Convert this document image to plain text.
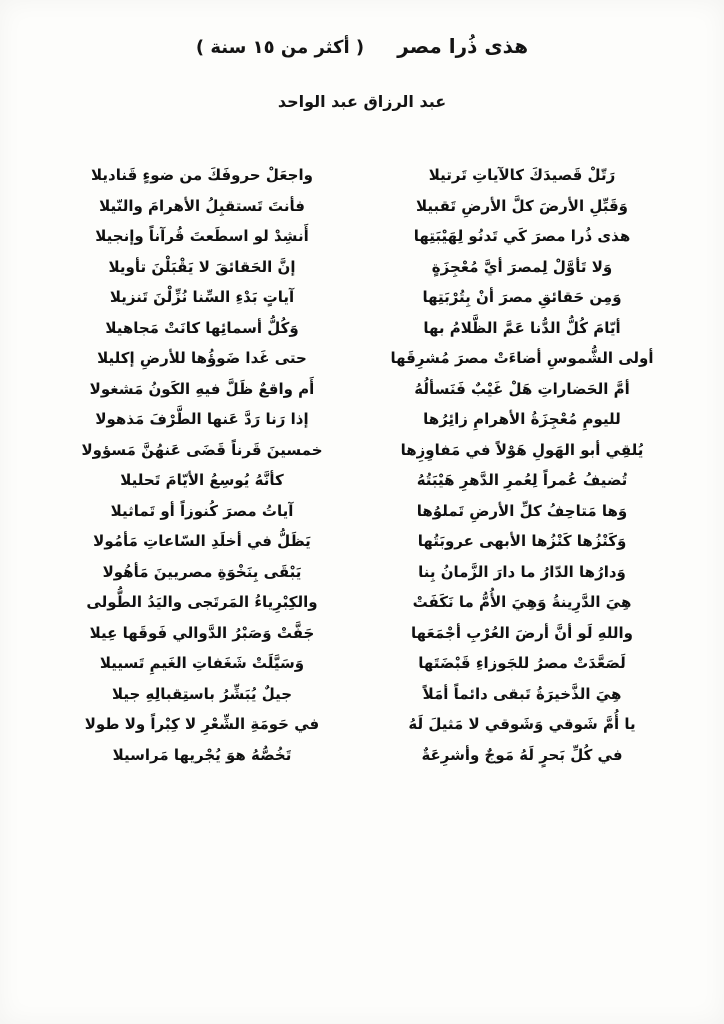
هذى ذُرا مصر ( أكثر من ١٥ سنة )
عبد الرزاق عبد الواحد
رَتّلْ قَصيدَكَ كالآياتِ تَرتيلا
واجعَلْ حروفَكَ من ضوءٍ قَناديلا
وَقَبِّلِ الأرضَ كلَّ الأرضِ تَقبيلا
فأنتَ تَستقبِلُ الأهرامَ والنّيلا
هذى ذُرا مصرَ كَي تَدنُو لِهَيْبَتِها
أَنشِدْ لو اسطَعتَ قُرآناً وإنجيلا
وَلا تَأوَّلْ لِمصرَ أيَّ مُعْجِزَةٍ
إنَّ الحَقائقَ لا يَقْبَلْنَ تأويلا
وَمِن حَقائقِ مصرَ أنْ بِتُرْبَتِها
آياتٍ بَدْءِ السِّنا نُزِّلْنَ تَنزيلا
أيّامَ كُلُّ الدُّنا عَمَّ الظَّلامُ بها
وَكُلُّ أسمائِها كانَتْ مَجاهيلا
أولى الشُّموسِ أضاءَتْ مصرَ مُشرِقَها
حتى غَدا ضَوؤُها للأرضِ إكليلا
أمَّ الحَضاراتِ هَلْ غَيْبٌ فَنَسألُهُ
أَم واقعٌ ظَلَّ فيهِ الكَونُ مَشغولا
لليومِ مُعْجِزَةُ الأهرامِ زائِرُها
إذا رَنا رَدَّ عَنها الطَّرْفَ مَذهولا
يُلقِي أبو الهَولِ هَوْلاً في مَفاوِزِها
خمسينَ قَرناً قَضَى عَنهُنَّ مَسؤولا
تُضيفُ عُمراً لِعُمرِ الدَّهرِ هَيْبَتُهُ
كأنَّهُ يُوسِعُ الأيّامَ تَحليلا
وَها مَتاحِفُ كلِّ الأرضِ تَملوُها
آياتُ مصرَ كُنوزاً أو تَماثيلا
وَكَنْزُها كَنْزُها الأبهى عروبَتُها
يَظَلُّ في أخلَدِ السّاعاتِ مَأمُولا
وَدارُها الدّارُ ما دارَ الزَّمانُ بِنا
يَبْقَى بِنَخْوَةِ مصريينَ مَأهُولا
هِيَ الدَّرِينةُ وَهِيَ الأُمُّ ما نَكَفَتْ
والكِبْرِياءُ المَرتَجى واليَدُ الطُّولى
واللهِ لَو أنَّ أرضَ العُرْبِ أجْمَعَها
جَفَّتْ وَصَبْرُ الدَّوالي فَوقَها عِيلا
لَصَعَّدَتْ مصرُ للجَوزاءِ قَبْضَتَها
وَسَيَّلَتْ شَغَفاتِ الغَيمِ تَسييلا
هِيَ الذَّخيرَةُ تَبقى دائماً أمَلاً
جيلٌ يُبَشِّرُ باستِقبالِهِ جيلا
يا أُمَّ شَوقي وَشَوقي لا مَثيلَ لَهُ
في حَومَةِ الشِّعْرِ لا كِبْراً ولا طولا
في كُلِّ بَحرٍ لَهُ مَوجٌ وأشرِعَةٌ
تَخُصُّهُ هوَ يُجْريها مَراسيلا
